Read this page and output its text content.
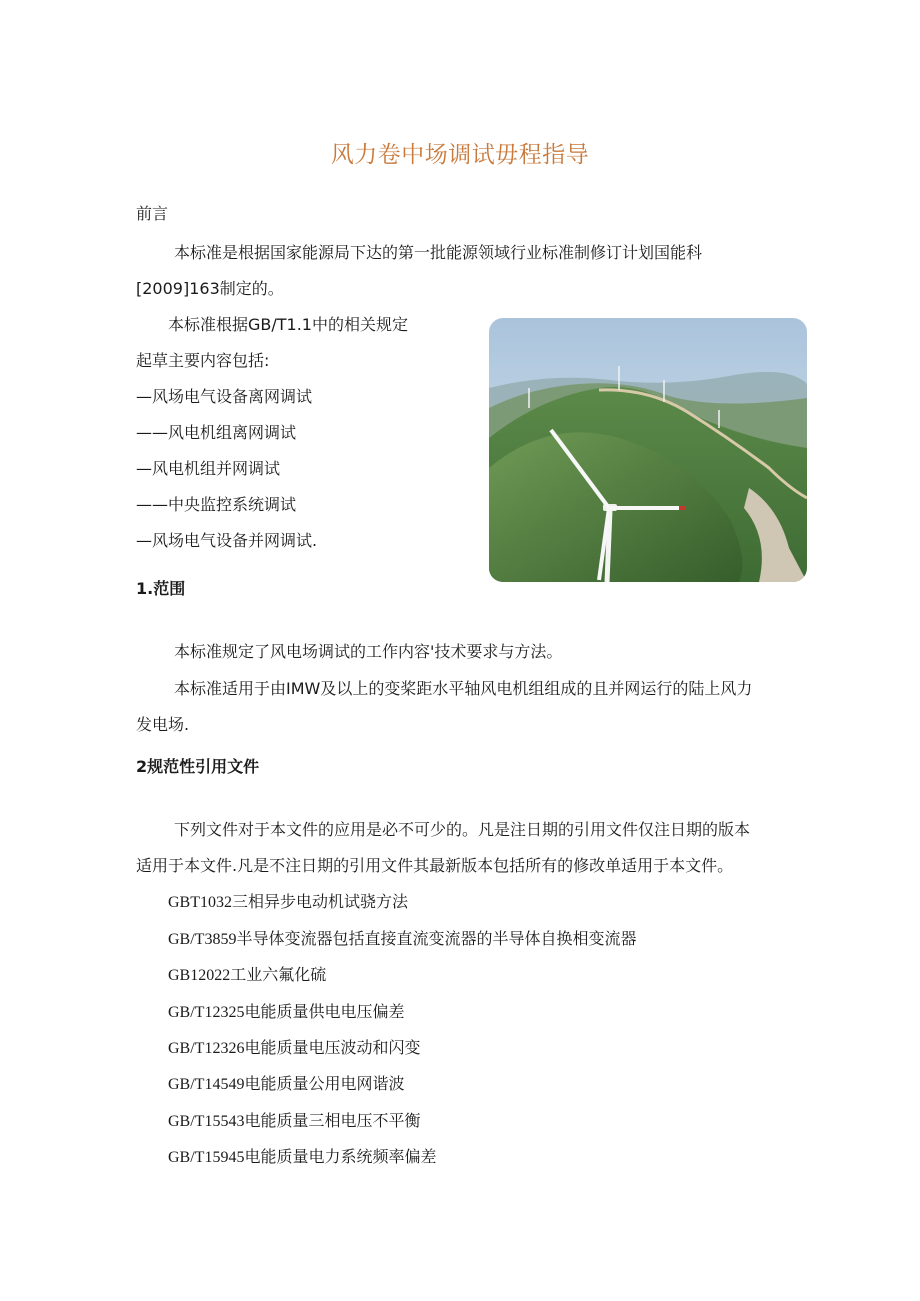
风力卷中场调试毋程指导
前言
本标准是根据国家能源局下达的第一批能源领域行业标准制修订计划国能科
[2009]163制定的。
本标准根据GB/T1.1中的相关规定
起草主要内容包括:
—风场电气设备离网调试
——风电机组离网调试
—风电机组并网调试
——中央监控系统调试
—风场电气设备并网调试.
1.范围
本标准规定了风电场调试的工作内容'技术要求与方法。
本标准适用于由IMW及以上的变桨距水平轴风电机组组成的且并网运行的陆上风力
发电场.
2规范性引用文件
下列文件对于本文件的应用是必不可少的。凡是注日期的引用文件仅注日期的版本
适用于本文件.凡是不注日期的引用文件其最新版本包括所有的修改单适用于本文件。
GBT1032三相异步电动机试骁方法
GB/T3859半导体变流器包括直接直流变流器的半导体自换相变流器
GB12022工业六氟化硫
GB/T12325电能质量供电电压偏差
GB/T12326电能质量电压波动和闪变
GB/T14549电能质量公用电网谐波
GB/T15543电能质量三相电压不平衡
GB/T15945电能质量电力系统频率偏差
